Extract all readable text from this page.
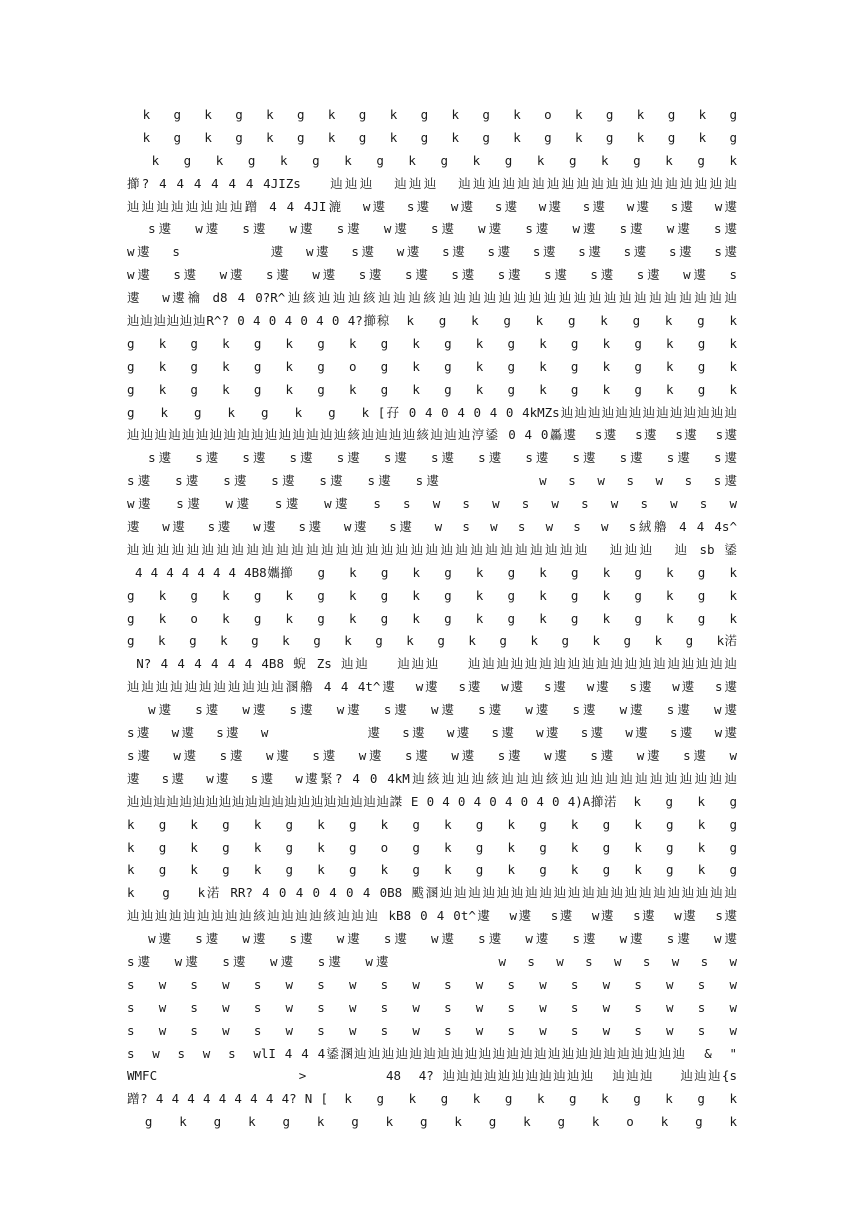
k   g   k   g   k   g   k   g   k   g   k   g   k   o   k   g   k   g   k   g
k   g   k   g   k   g   k   g   k   g   k   g   k   g   k   g   k   g   k   g
k   g   k   g   k   g   k   g   k   g   k   g   k   g   k   g   k   g   k
擳? 4 4 4 4 4 4 4JIZs   辿辿辿  辿辿辿  辿辿辿辿辿辿辿辿辿辿辿辿辿辿辿辿辿辿辿
辿辿辿辿辿辿辿辿蹭 4 4 4JI漉  w遱  s遱  w遱  s遱  w遱  s遱  w遱  s遱  w遱
s遱  w遱  s遱  w遱  s遱  w遱  s遱  w遱  s遱  w遱  s遱  w遱  s遱
w遱  s         遱  w遱  s遱  w遱  s遱  s遱  s遱  s遱  s遱  s遱  s遱
w遱  s遱  w遱  s遱  w遱  s遱  s遱  s遱  s遱  s遱  s遱  s遱  w遱  s
遱  w遱禴 d8 4 0?R^辿絯辿辿辿絯辿辿辿絯辿辿辿辿辿辿辿辿辿辿辿辿辿辿辿辿辿辿辿辿
辿辿辿辿辿辿R^? 0 4 0 4 0 4 0 4?擳稤  k   g   k   g   k   g   k   g   k   g   k
g   k   g   k   g   k   g   k   g   k   g   k   g   k   g   k   g   k   g   k
g   k   g   k   g   k   g   o   g   k   g   k   g   k   g   k   g   k   g   k
g   k   g   k   g   k   g   k   g   k   g   k   g   k   g   k   g   k   g   k
g   k   g   k   g   k   g   k [孖 0 4 0 4 0 4 0 4kMZs辿辿辿辿辿辿辿辿辿辿辿辿辿
辿辿辿辿辿辿辿辿辿辿辿辿辿辿辿辿絯辿辿辿辿絯辿辿辿涥鋈 0 4 0厵遱  s遱  s遱  s遱  s遱
s遱  s遱  s遱  s遱  s遱  s遱  s遱  s遱  s遱  s遱  s遱  s遱  s遱
s遱  s遱  s遱  s遱  s遱  s遱  s遱         w  s  w  s  w  s  s遱
w遱  s遱  w遱  s遱  w遱  s  s  w  s  w  s  w  s  w  s  w  s  w
遱  w遱  s遱  w遱  s遱  w遱  s遱  w  s  w  s  w  s  w  s絨艪 4 4 4s^
辿辿辿辿辿辿辿辿辿辿辿辿辿辿辿辿辿辿辿辿辿辿辿辿辿辿辿辿辿辿辿  辿辿辿  辿 sb 鋈
4 4 4 4 4 4 4 4B8孈擳   g   k   g   k   g   k   g   k   g   k   g   k   g   k
g   k   g   k   g   k   g   k   g   k   g   k   g   k   g   k   g   k   g   k
g   k   o   k   g   k   g   k   g   k   g   k   g   k   g   k   g   k   g   k
g   k   g   k   g   k   g   k   g   k   g   k   g   k   g   k   g   k   g   k渃
N? 4 4 4 4 4 4 4B8 蜺 Zs 辿辿   辿辿辿   辿辿辿辿辿辿辿辿辿辿辿辿辿辿辿辿辿辿辿
辿辿辿辿辿辿辿辿辿辿辿溷艪 4 4 4t^遱  w遱  s遱  w遱  s遱  w遱  s遱  w遱  s遱
w遱  s遱  w遱  s遱  w遱  s遱  w遱  s遱  w遱  s遱  w遱  s遱  w遱
s遱  w遱  s遱  w          遱  s遱  w遱  s遱  w遱  s遱  w遱  s遱  w遱
s遱  w遱  s遱  w遱  s遱  w遱  s遱  w遱  s遱  w遱  s遱  w遱  s遱  w
遱  s遱  w遱  s遱  w遱緊? 4 0 4kM辿絯辿辿辿絯辿辿辿絯辿辿辿辿辿辿辿辿辿辿辿辿
辿辿辿辿辿辿辿辿辿辿辿辿辿辿辿辿辿辿辿辿謋 E 0 4 0 4 0 4 0 4 0 4)A擳渃  k   g   k   g
k   g   k   g   k   g   k   g   k   g   k   g   k   g   k   g   k   g   k   g
k   g   k   g   k   g   k   g   o   g   k   g   k   g   k   g   k   g   k   g
k   g   k   g   k   g   k   g   k   g   k   g   k   g   k   g   k   g   k   g
k   g   k渃 RR? 4 0 4 0 4 0 4 0B8 颰溷辿辿辿辿辿辿辿辿辿辿辿辿辿辿辿辿辿辿辿辿辿
辿辿辿辿辿辿辿辿辿絯辿辿辿辿絯辿辿辿 kB8 0 4 0t^遱  w遱  s遱  w遱  s遱  w遱  s遱
w遱  s遱  w遱  s遱  w遱  s遱  w遱  s遱  w遱  s遱  w遱  s遱  w遱
s遱  w遱  s遱  w遱  s遱  w遱          w  s  w  s  w  s  w  s  w
s  w  s  w  s  w  s  w  s  w  s  w  s  w  s  w  s  w  s  w
s  w  s  w  s  w  s  w  s  w  s  w  s  w  s  w  s  w  s  w
s  w  s  w  s  w  s  w  s  w  s  w  s  w  s  w  s  w  s  w
s  w  s  w  s  wlI 4 4 4鋈溷辿辿辿辿辿辿辿辿辿辿辿辿辿辿辿辿辿辿辿辿辿辿辿辿  &  "
WMFC                >         48  4? 辿辿辿辿辿辿辿辿辿辿辿  辿辿辿   辿辿辿{s
蹭? 4 4 4 4 4 4 4 4 4? N [  k   g   k   g   k   g   k   g   k   g   k   g   k
g   k   g   k   g   k   g   k   g   k   g   k   g   k   o   k   g   k
